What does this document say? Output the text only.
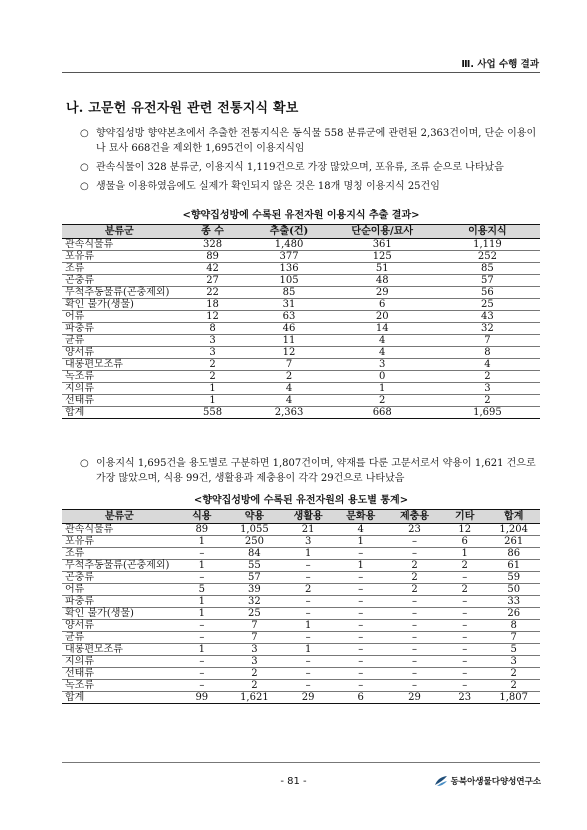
Ⅲ. 사업 수행 결과
나. 고문헌 유전자원 관련 전통지식 확보
○ 향약집성방 향약본초에서 추출한 전통지식은 동식물 558 분류군에 관련된 2,363건이며, 단순 이용이나 묘사 668건을 제외한 1,695건이 이용지식임
○ 관속식물이 328 분류군, 이용지식 1,119건으로 가장 많았으며, 포유류, 조류 순으로 나타났음
○ 생물을 이용하였음에도 실제가 확인되지 않은 것은 18개 명칭 이용지식 25건임
<향약집성방에 수록된 유전자원 이용지식 추출 결과>
분류군	종 수	추출(건)	단순이용/묘사	이용지식
관속식물류	328	1,480	361	1,119
포유류	89	377	125	252
조류	42	136	51	85
곤충류	27	105	48	57
무척추동물류(곤충제외)	22	85	29	56
확인 불가(생물)	18	31	6	25
어류	12	63	20	43
파충류	8	46	14	32
균류	3	11	4	7
양서류	3	12	4	8
대롱편모조류	2	7	3	4
녹조류	2	2	0	2
지의류	1	4	1	3
선태류	1	4	2	2
합계	558	2,363	668	1,695
○ 이용지식 1,695건을 용도별로 구분하면 1,807건이며, 약재를 다룬 고문서로서 약용이 1,621 건으로 가장 많았으며, 식용 99건, 생활용과 제충용이 각각 29건으로 나타났음
<향약집성방에 수록된 유전자원의 용도별 통계>
분류군	식용	약용	생활용	문화용	제충용	기타	합계
관속식물류	89	1,055	21	4	23	12	1,204
포유류	1	250	3	1	–	6	261
조류	–	84	1	–	–	1	86
무척추동물류(곤충제외)	1	55	–	1	2	2	61
곤충류	–	57	–	–	2	–	59
어류	5	39	2	–	2	2	50
파충류	1	32	–	–	–	–	33
확인 불가(생물)	1	25	–	–	–	–	26
양서류	–	7	1	–	–	–	8
균류	–	7	–	–	–	–	7
대롱편모조류	1	3	1	–	–	–	5
지의류	–	3	–	–	–	–	3
선태류	–	2	–	–	–	–	2
녹조류	–	2	–	–	–	–	2
합계	99	1,621	29	6	29	23	1,807
- 81 -	동북아생물다양성연구소
